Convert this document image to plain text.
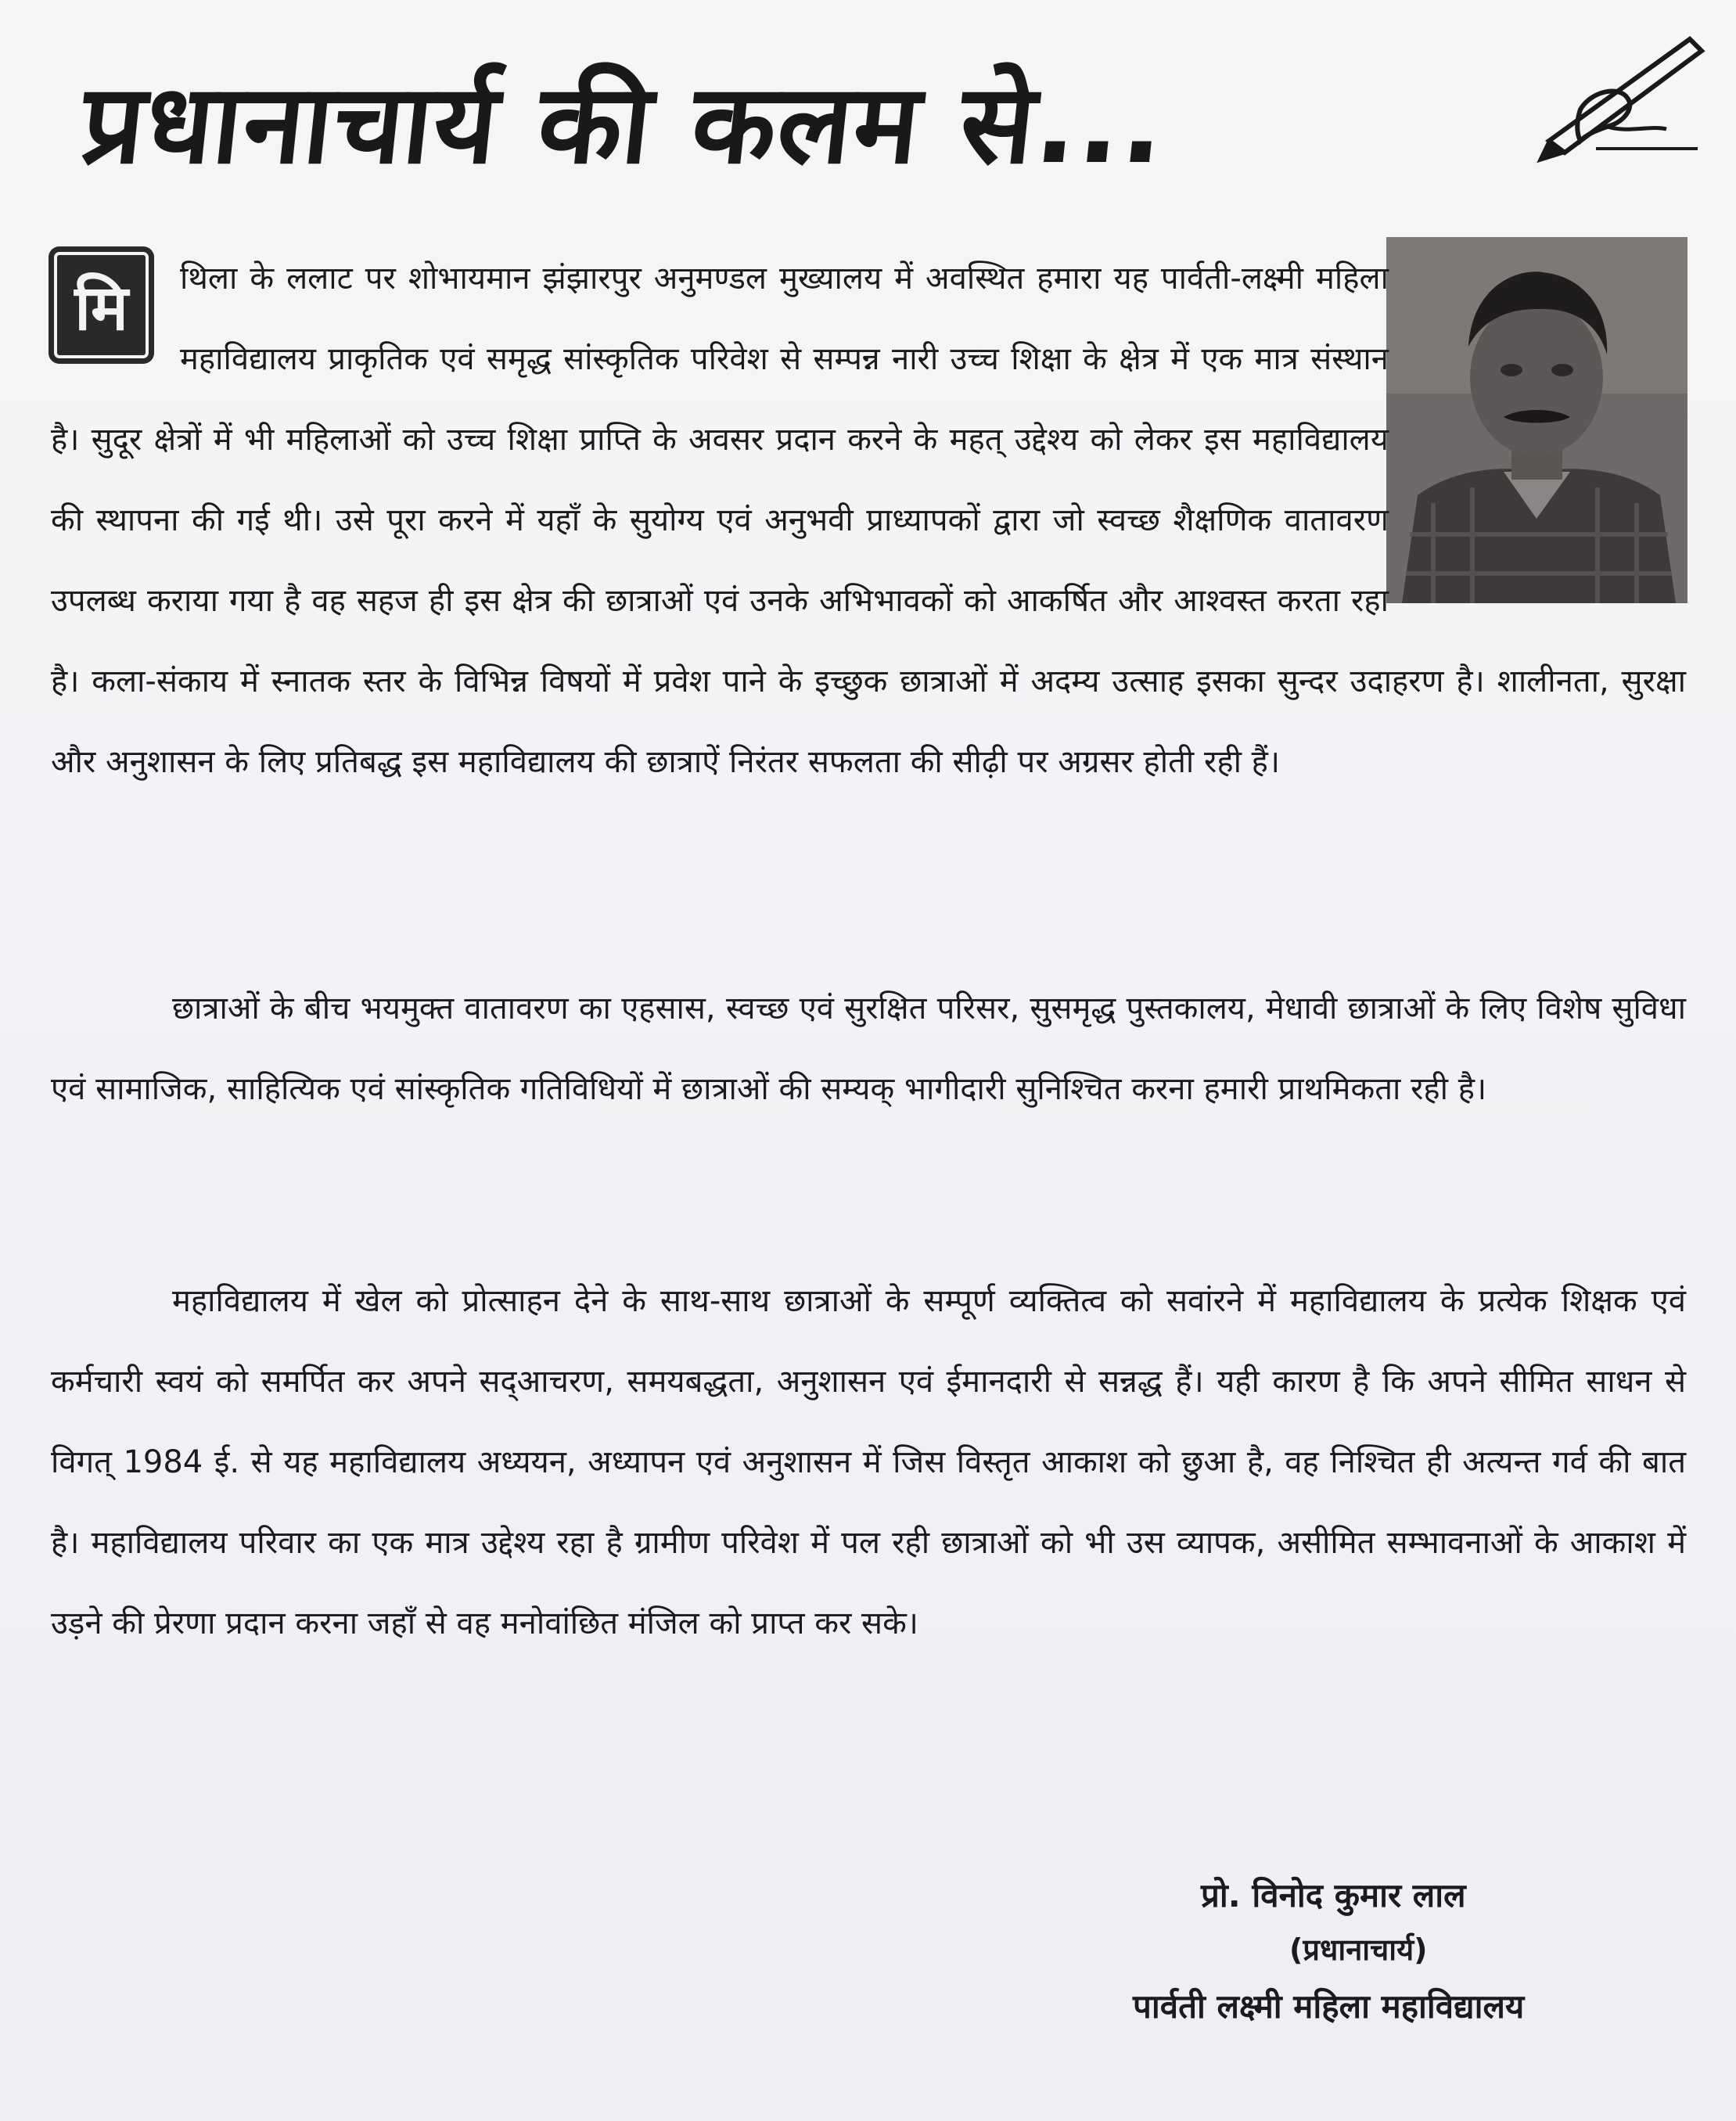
प्रधानाचार्य की कलम से...
मि	थिला के ललाट पर शोभायमान झंझारपुर अनुमण्डल मुख्यालय में अवस्थित हमारा यह पार्वती-लक्ष्मी महिला महाविद्यालय प्राकृतिक एवं समृद्ध सांस्कृतिक परिवेश से सम्पन्न नारी उच्च शिक्षा के क्षेत्र में एक मात्र संस्थान है। सुदूर क्षेत्रों में भी महिलाओं को उच्च शिक्षा प्राप्ति के अवसर प्रदान करने के महत् उद्देश्य को लेकर इस महाविद्यालय की स्थापना की गई थी। उसे पूरा करने में यहाँ के सुयोग्य एवं अनुभवी प्राध्यापकों द्वारा जो स्वच्छ शैक्षणिक वातावरण उपलब्ध कराया गया है वह सहज ही इस क्षेत्र की छात्राओं एवं उनके अभिभावकों को आकर्षित और आश्वस्त करता रहा है। कला-संकाय में स्नातक स्तर के विभिन्न विषयों में प्रवेश पाने के इच्छुक छात्राओं में अदम्य उत्साह इसका सुन्दर उदाहरण है। शालीनता, सुरक्षा और अनुशासन के लिए प्रतिबद्ध इस महाविद्यालय की छात्राऐं निरंतर सफलता की सीढ़ी पर अग्रसर होती रही हैं।

छात्राओं के बीच भयमुक्त वातावरण का एहसास, स्वच्छ एवं सुरक्षित परिसर, सुसमृद्ध पुस्तकालय, मेधावी छात्राओं के लिए विशेष सुविधा एवं सामाजिक, साहित्यिक एवं सांस्कृतिक गतिविधियों में छात्राओं की सम्यक् भागीदारी सुनिश्चित करना हमारी प्राथमिकता रही है।

महाविद्यालय में खेल को प्रोत्साहन देने के साथ-साथ छात्राओं के सम्पूर्ण व्यक्तित्व को सवांरने में महाविद्यालय के प्रत्येक शिक्षक एवं कर्मचारी स्वयं को समर्पित कर अपने सद्आचरण, समयबद्धता, अनुशासन एवं ईमानदारी से सन्नद्ध हैं। यही कारण है कि अपने सीमित साधन से विगत् 1984 ई. से यह महाविद्यालय अध्ययन, अध्यापन एवं अनुशासन में जिस विस्तृत आकाश को छुआ है, वह निश्चित ही अत्यन्त गर्व की बात है। महाविद्यालय परिवार का एक मात्र उद्देश्य रहा है ग्रामीण परिवेश में पल रही छात्राओं को भी उस व्यापक, असीमित सम्भावनाओं के आकाश में उड़ने की प्रेरणा प्रदान करना जहाँ से वह मनोवांछित मंजिल को प्राप्त कर सके।

प्रो. विनोद कुमार लाल
(प्रधानाचार्य)
पार्वती लक्ष्मी महिला महाविद्यालय
